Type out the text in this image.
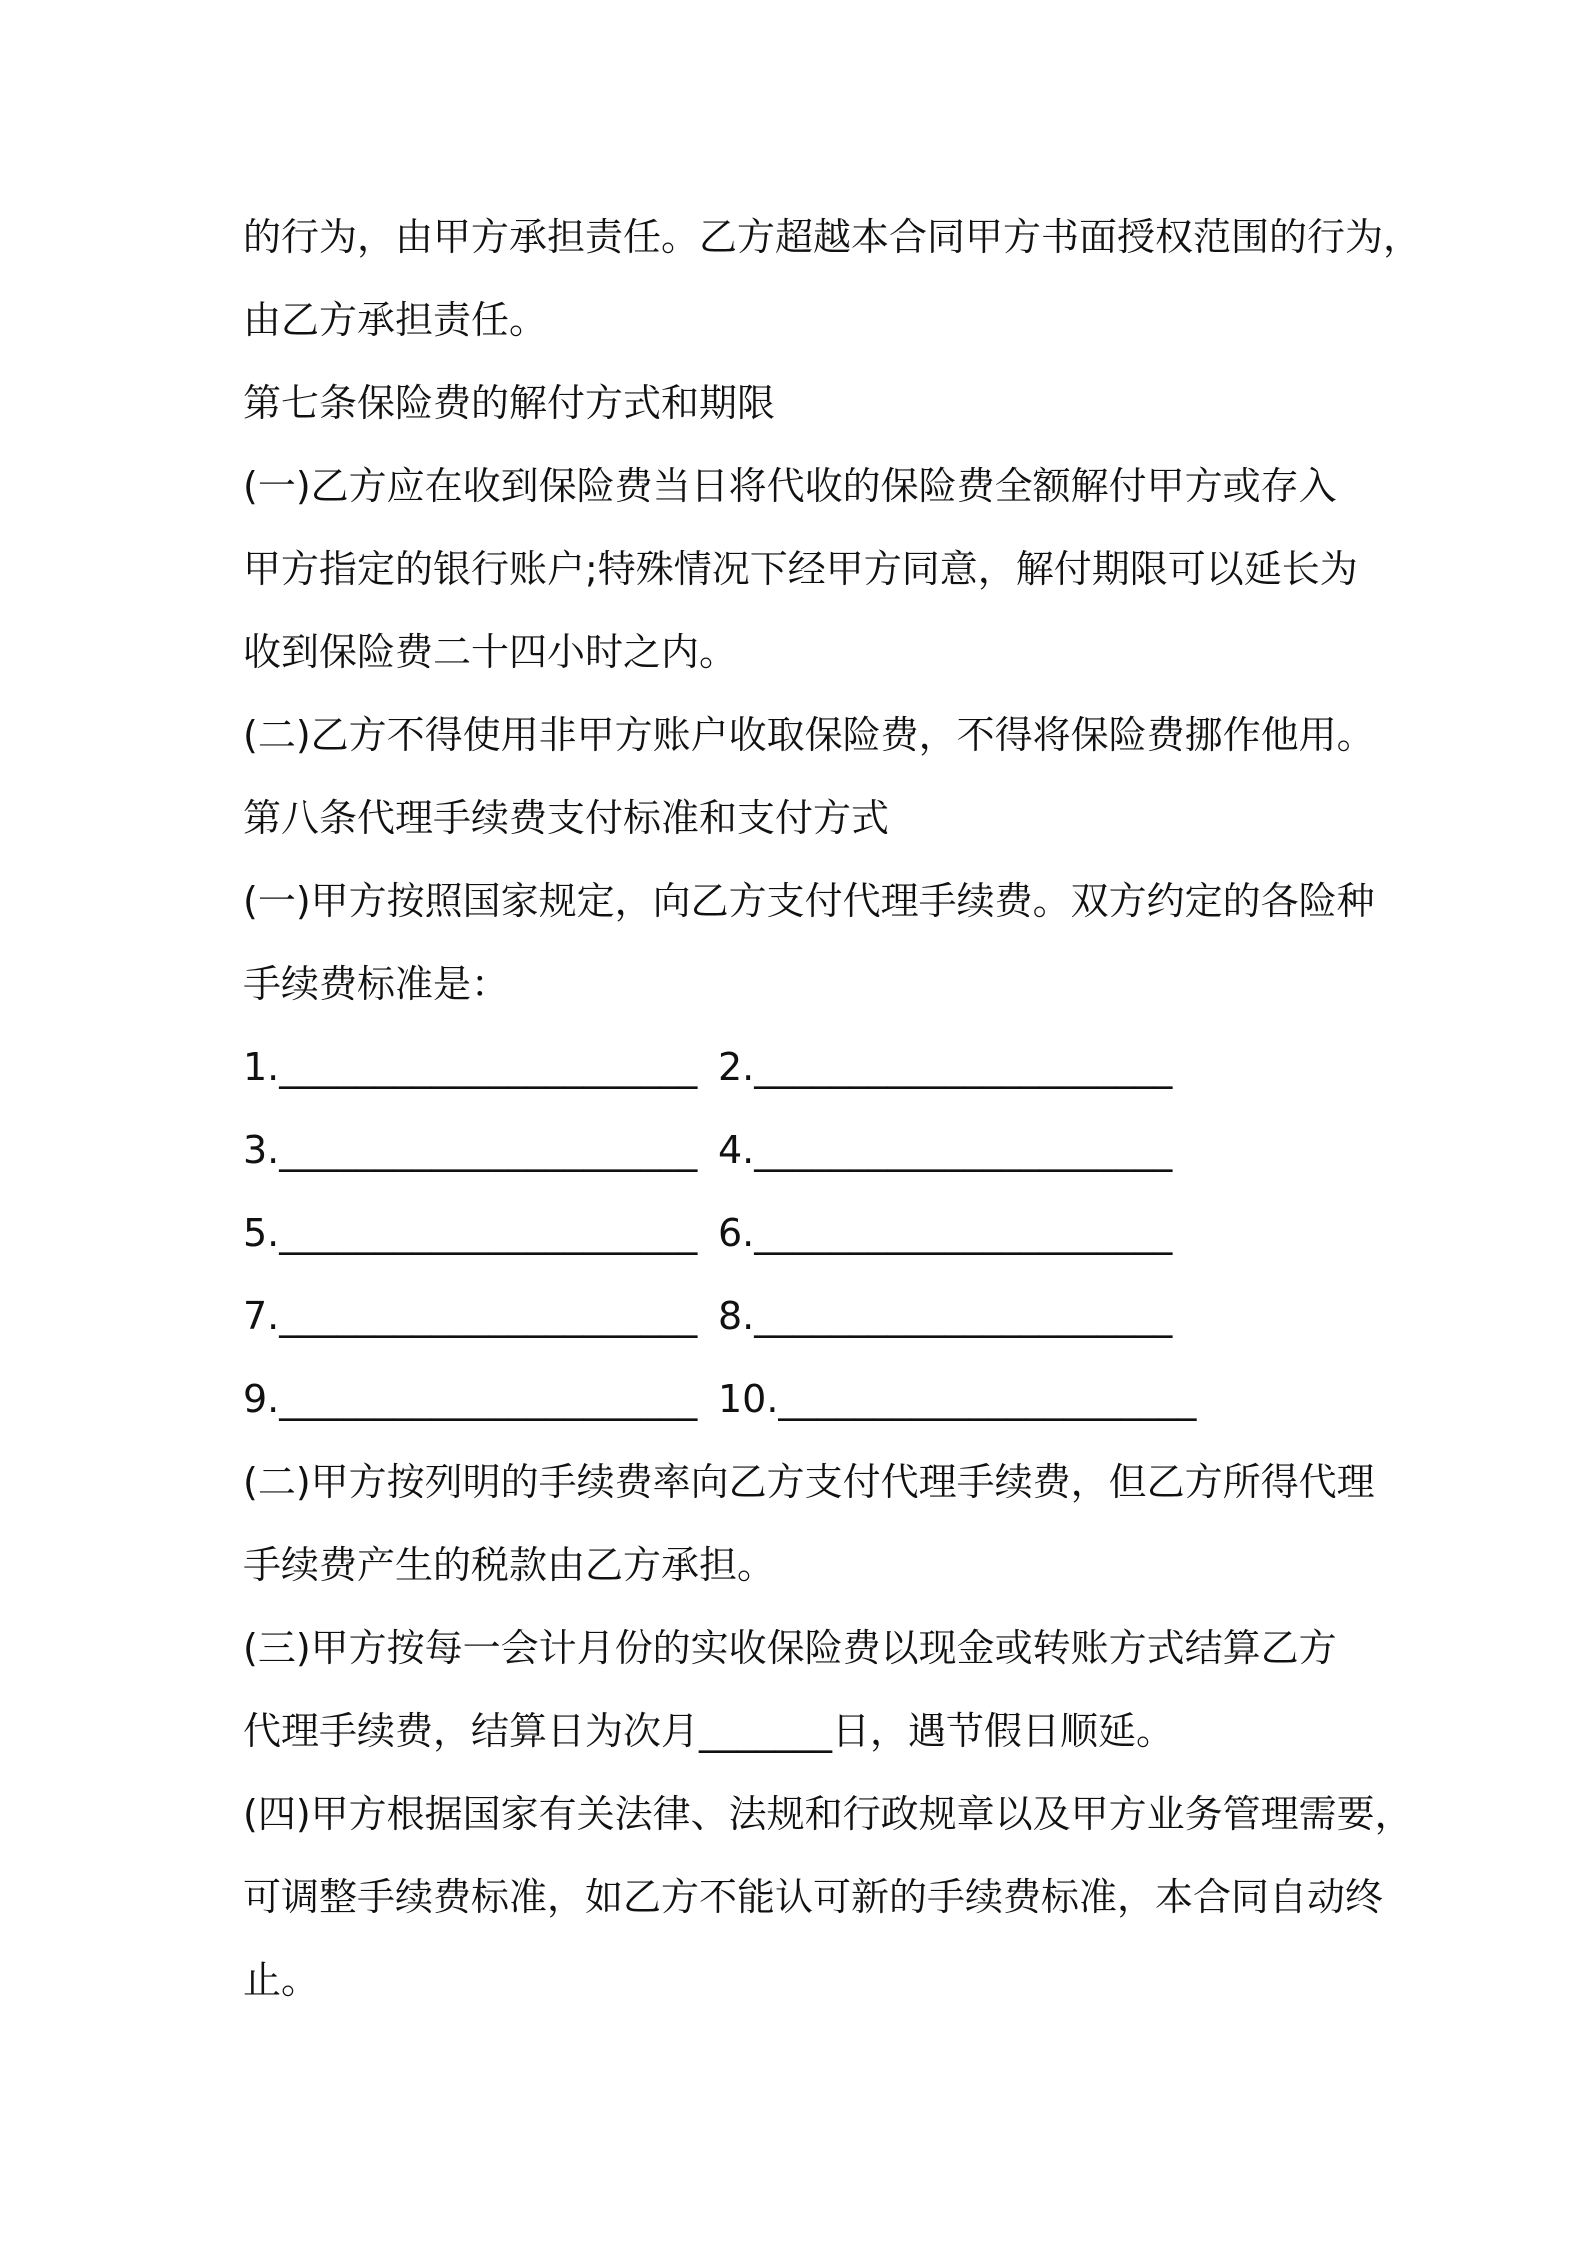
的行为，由甲方承担责任。乙方超越本合同甲方书面授权范围的行为，
由乙方承担责任。
第七条保险费的解付方式和期限
(一)乙方应在收到保险费当日将代收的保险费全额解付甲方或存入
甲方指定的银行账户;特殊情况下经甲方同意，解付期限可以延长为
收到保险费二十四小时之内。
(二)乙方不得使用非甲方账户收取保险费，不得将保险费挪作他用。
第八条代理手续费支付标准和支付方式
(一)甲方按照国家规定，向乙方支付代理手续费。双方约定的各险种
手续费标准是：
1.______________________ 2.______________________
3.______________________ 4.______________________
5.______________________ 6.______________________
7.______________________ 8.______________________
9.______________________ 10.______________________
(二)甲方按列明的手续费率向乙方支付代理手续费，但乙方所得代理
手续费产生的税款由乙方承担。
(三)甲方按每一会计月份的实收保险费以现金或转账方式结算乙方
代理手续费，结算日为次月_______日，遇节假日顺延。
(四)甲方根据国家有关法律、法规和行政规章以及甲方业务管理需要，
可调整手续费标准，如乙方不能认可新的手续费标准，本合同自动终
止。
